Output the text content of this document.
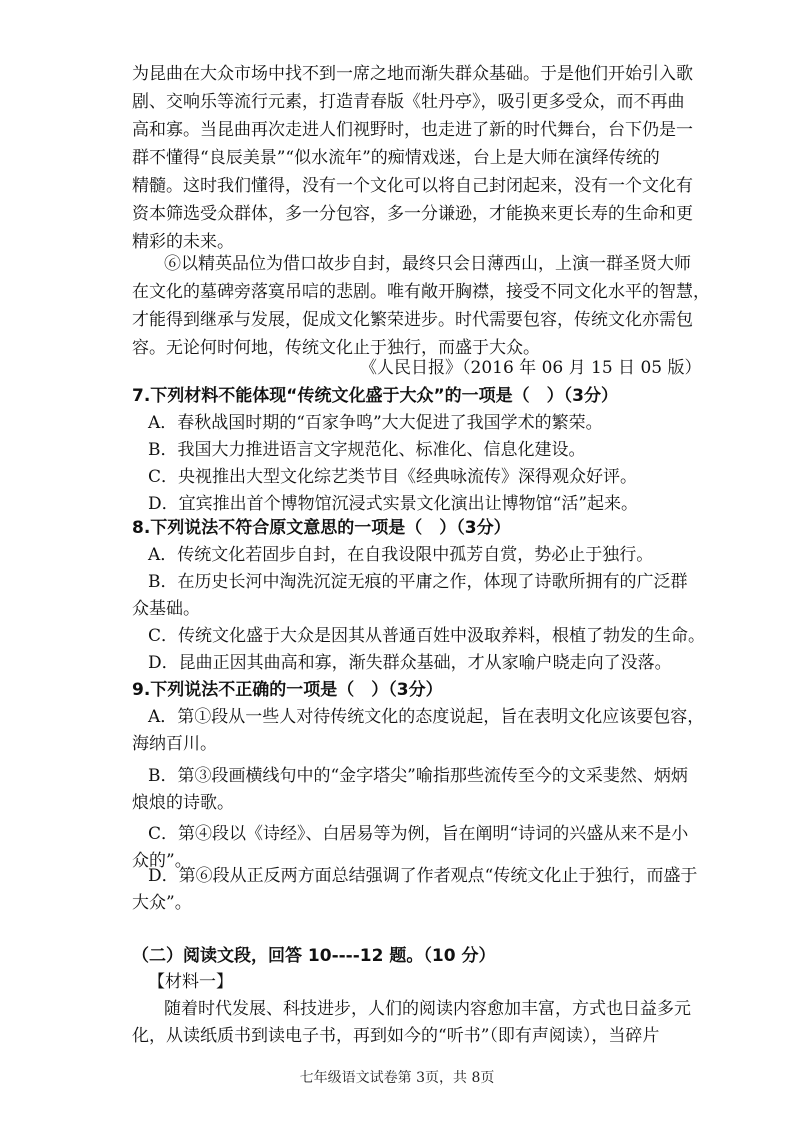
为昆曲在大众市场中找不到一席之地而渐失群众基础。于是他们开始引入歌
剧、交响乐等流行元素，打造青春版《牡丹亭》，吸引更多受众，而不再曲
高和寡。当昆曲再次走进人们视野时，也走进了新的时代舞台，台下仍是一
群不懂得“良辰美景”“似水流年”的痴情戏迷，台上是大师在演绎传统的
精髓。这时我们懂得，没有一个文化可以将自己封闭起来，没有一个文化有
资本筛选受众群体，多一分包容，多一分谦逊，才能换来更长寿的生命和更
精彩的未来。
⑥以精英品位为借口故步自封，最终只会日薄西山，上演一群圣贤大师
在文化的墓碑旁落寞吊唁的悲剧。唯有敞开胸襟，接受不同文化水平的智慧，
才能得到继承与发展，促成文化繁荣进步。时代需要包容，传统文化亦需包
容。无论何时何地，传统文化止于独行，而盛于大众。
《人民日报》（2016 年 06 月 15 日 05 版）
7.下列材料不能体现“传统文化盛于大众”的一项是（　）（3分）
A．春秋战国时期的“百家争鸣”大大促进了我国学术的繁荣。
B．我国大力推进语言文字规范化、标准化、信息化建设。
C．央视推出大型文化综艺类节目《经典咏流传》深得观众好评。
D．宜宾推出首个博物馆沉浸式实景文化演出让博物馆“活”起来。
8.下列说法不符合原文意思的一项是（　）（3分）
A．传统文化若固步自封，在自我设限中孤芳自赏，势必止于独行。
B．在历史长河中淘洗沉淀无痕的平庸之作，体现了诗歌所拥有的广泛群
众基础。
C．传统文化盛于大众是因其从普通百姓中汲取养料，根植了勃发的生命。
D．昆曲正因其曲高和寡，渐失群众基础，才从家喻户晓走向了没落。
9.下列说法不正确的一项是（　）（3分）
A．第①段从一些人对待传统文化的态度说起，旨在表明文化应该要包容，
海纳百川。
B．第③段画横线句中的“金字塔尖”喻指那些流传至今的文采斐然、炳炳
烺烺的诗歌。
C．第④段以《诗经》、白居易等为例，旨在阐明“诗词的兴盛从来不是小
众的”。
D．第⑥段从正反两方面总结强调了作者观点“传统文化止于独行，而盛于
大众”。
（二）阅读文段，回答 10----12 题。（10 分）
【材料一】
随着时代发展、科技进步，人们的阅读内容愈加丰富，方式也日益多元
化，从读纸质书到读电子书，再到如今的“听书”（即有声阅读），当碎片
七年级语文试卷第 3页，共 8页
